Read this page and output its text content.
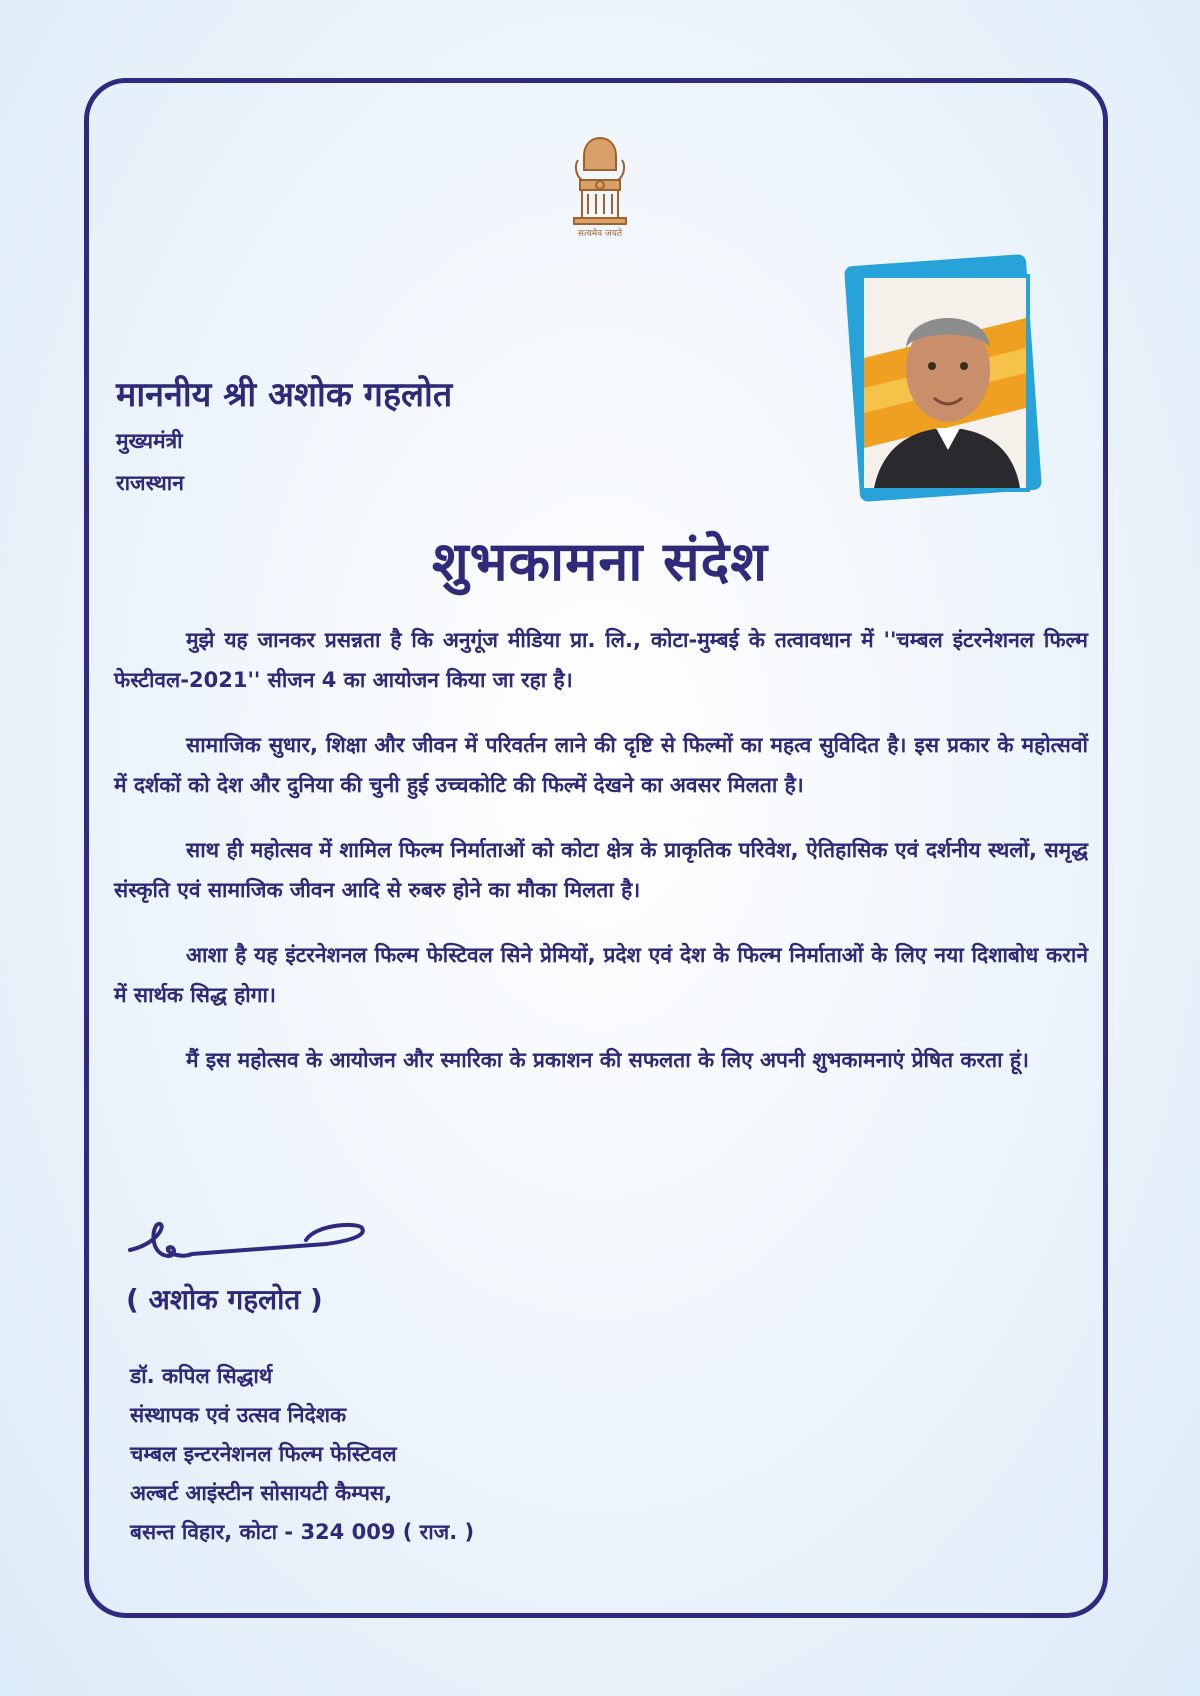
सत्यमेव जयते

माननीय श्री अशोक गहलोत

मुख्यमंत्री

राजस्थान

शुभकामना संदेश

मुझे यह जानकर प्रसन्नता है कि अनुगूंज मीडिया प्रा. लि., कोटा-मुम्बई के तत्वावधान में ''चम्बल इंटरनेशनल फिल्म फेस्टीवल-2021'' सीजन 4 का आयोजन किया जा रहा है।

सामाजिक सुधार, शिक्षा और जीवन में परिवर्तन लाने की दृष्टि से फिल्मों का महत्व सुविदित है। इस प्रकार के महोत्सवों में दर्शकों को देश और दुनिया की चुनी हुई उच्चकोटि की फिल्में देखने का अवसर मिलता है।

साथ ही महोत्सव में शामिल फिल्म निर्माताओं को कोटा क्षेत्र के प्राकृतिक परिवेश, ऐतिहासिक एवं दर्शनीय स्थलों, समृद्ध संस्कृति एवं सामाजिक जीवन आदि से रुबरु होने का मौका मिलता है।

आशा है यह इंटरनेशनल फिल्म फेस्टिवल सिने प्रेमियों, प्रदेश एवं देश के फिल्म निर्माताओं के लिए नया दिशाबोध कराने में सार्थक सिद्ध होगा।

मैं इस महोत्सव के आयोजन और स्मारिका के प्रकाशन की सफलता के लिए अपनी शुभकामनाएं प्रेषित करता हूं।

( अशोक गहलोत )

डॉ. कपिल सिद्धार्थ

संस्थापक एवं उत्सव निदेशक

चम्बल इन्टरनेशनल फिल्म फेस्टिवल

अल्बर्ट आइंस्टीन सोसायटी कैम्पस,

बसन्त विहार, कोटा - 324 009 ( राज. )
